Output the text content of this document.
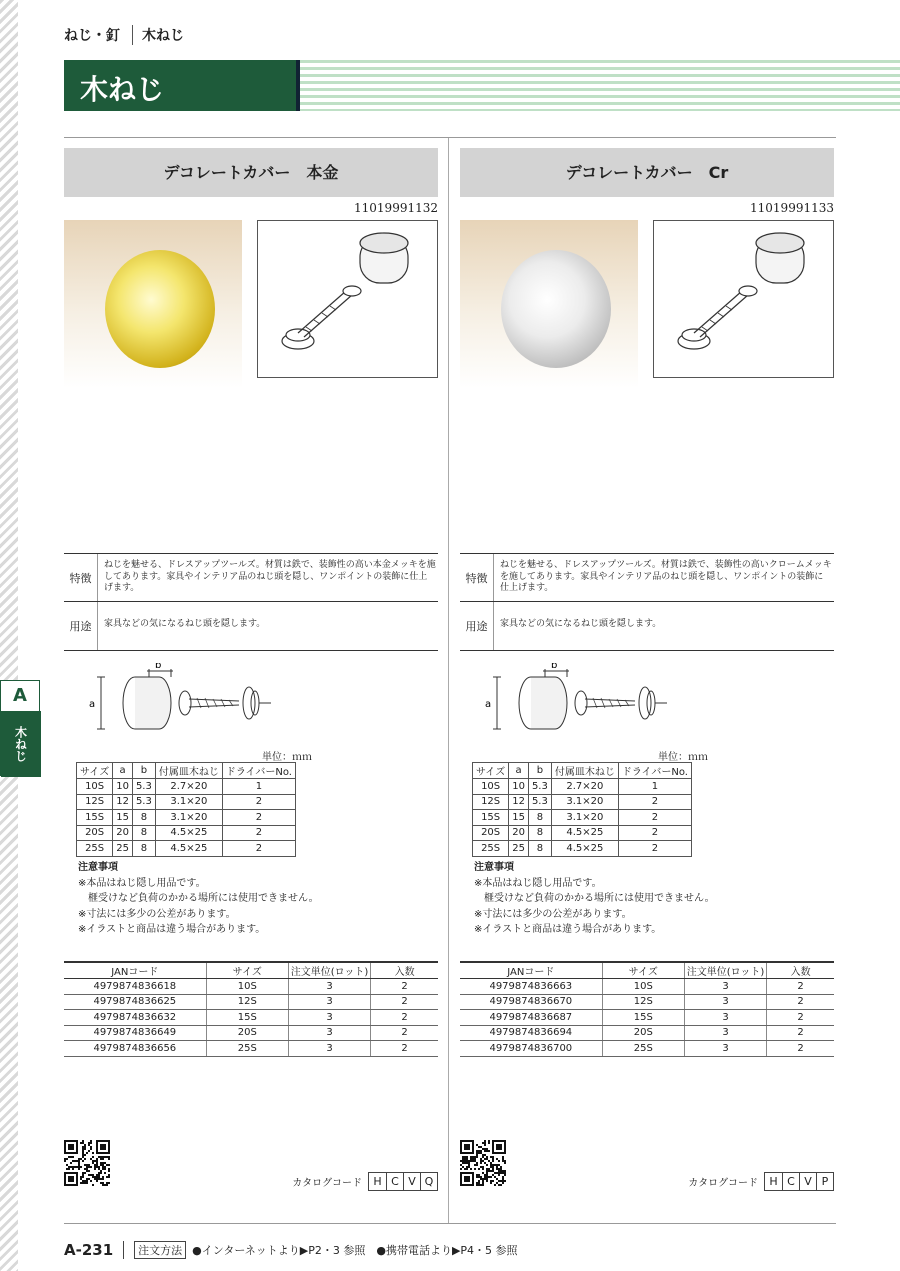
ねじ・釘	木ねじ
木ねじ
A
木ねじ
デコレートカバー　本金
11019991132
特徴
ねじを魅せる、ドレスアップツールズ。材質は鉄で、装飾性の高い本金メッキを施してあります。家具やインテリア品のねじ頭を隠し、ワンポイントの装飾に仕上げます。
用途	家具などの気になるねじ頭を隠します。
a
b
単位：ｍｍ
サイズ	a	b	付属皿木ねじ	ドライバーNo.
10S	10	5.3	2.7×20	1
12S	12	5.3	3.1×20	2
15S	15	8	3.1×20	2
20S	20	8	4.5×25	2
25S	25	8	4.5×25	2
注意事項
※本品はねじ隠し用品です。
榧受けなど負荷のかかる場所には使用できません。
※寸法には多少の公差があります。
※イラストと商品は違う場合があります。
JANコード	サイズ	注文単位(ロット)	入数
4979874836618	10S	3	2
4979874836625	12S	3	2
4979874836632	15S	3	2
4979874836649	20S	3	2
4979874836656	25S	3	2
カタログコード	H C V Q
デコレートカバー　Cr
11019991133
特徴
ねじを魅せる、ドレスアップツールズ。材質は鉄で、装飾性の高いクロームメッキを施してあります。家具やインテリア品のねじ頭を隠し、ワンポイントの装飾に仕上げます。
用途	家具などの気になるねじ頭を隠します。
a
b
単位：ｍｍ
サイズ	a	b	付属皿木ねじ	ドライバーNo.
10S	10	5.3	2.7×20	1
12S	12	5.3	3.1×20	2
15S	15	8	3.1×20	2
20S	20	8	4.5×25	2
25S	25	8	4.5×25	2
注意事項
※本品はねじ隠し用品です。
榧受けなど負荷のかかる場所には使用できません。
※寸法には多少の公差があります。
※イラストと商品は違う場合があります。
JANコード	サイズ	注文単位(ロット)	入数
4979874836663	10S	3	2
4979874836670	12S	3	2
4979874836687	15S	3	2
4979874836694	20S	3	2
4979874836700	25S	3	2
カタログコード	H C V P
A-231	注文方法 ●インターネットより▶P2・3 参照　●携帯電話より▶P4・5 参照
